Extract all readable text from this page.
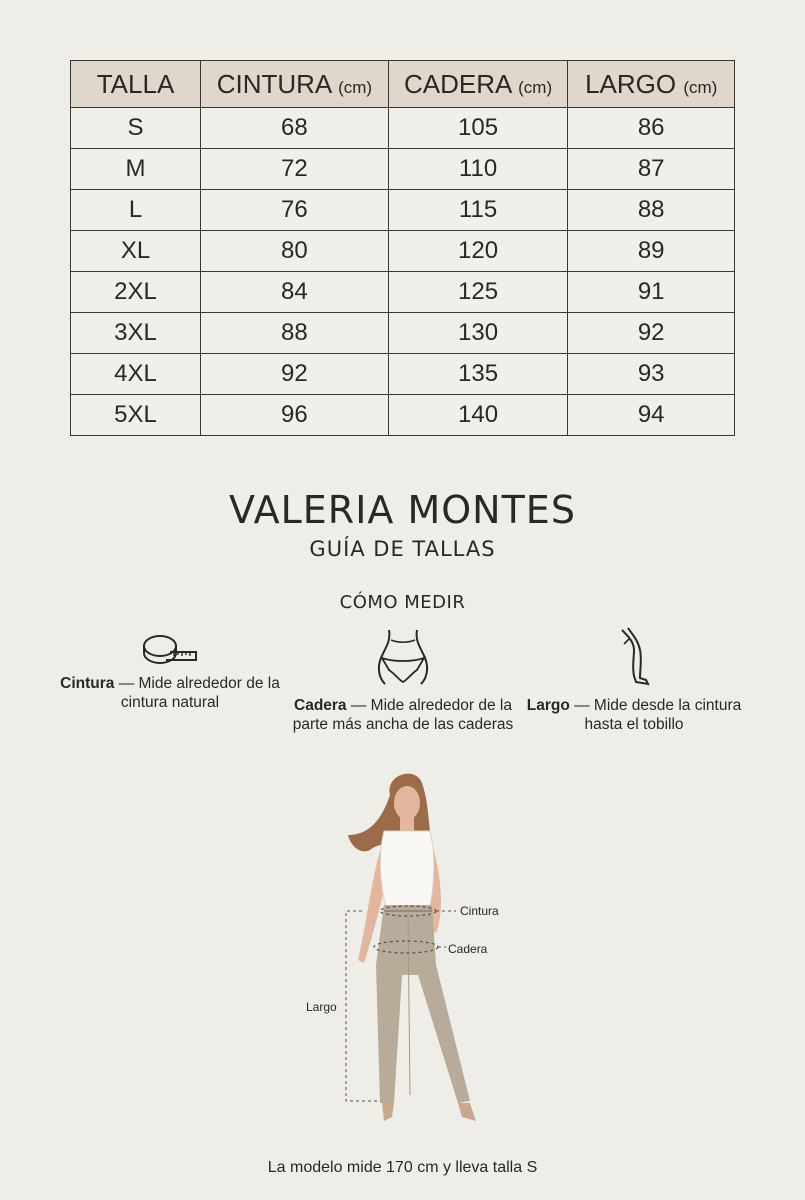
TALLA	CINTURA (cm)	CADERA (cm)	LARGO (cm)
S	68	105	86
M	72	110	87
L	76	115	88
XL	80	120	89
2XL	84	125	91
3XL	88	130	92
4XL	92	135	93
5XL	96	140	94
VALERIA MONTES
GUÍA DE TALLAS
CÓMO MEDIR
Cintura — Mide alrededor de la cintura natural	Cadera — Mide alrededor de la parte más ancha de las caderas
Largo — Mide desde la cintura hasta el tobillo
Cintura
Cadera
Largo
La modelo mide 170 cm y lleva talla S
